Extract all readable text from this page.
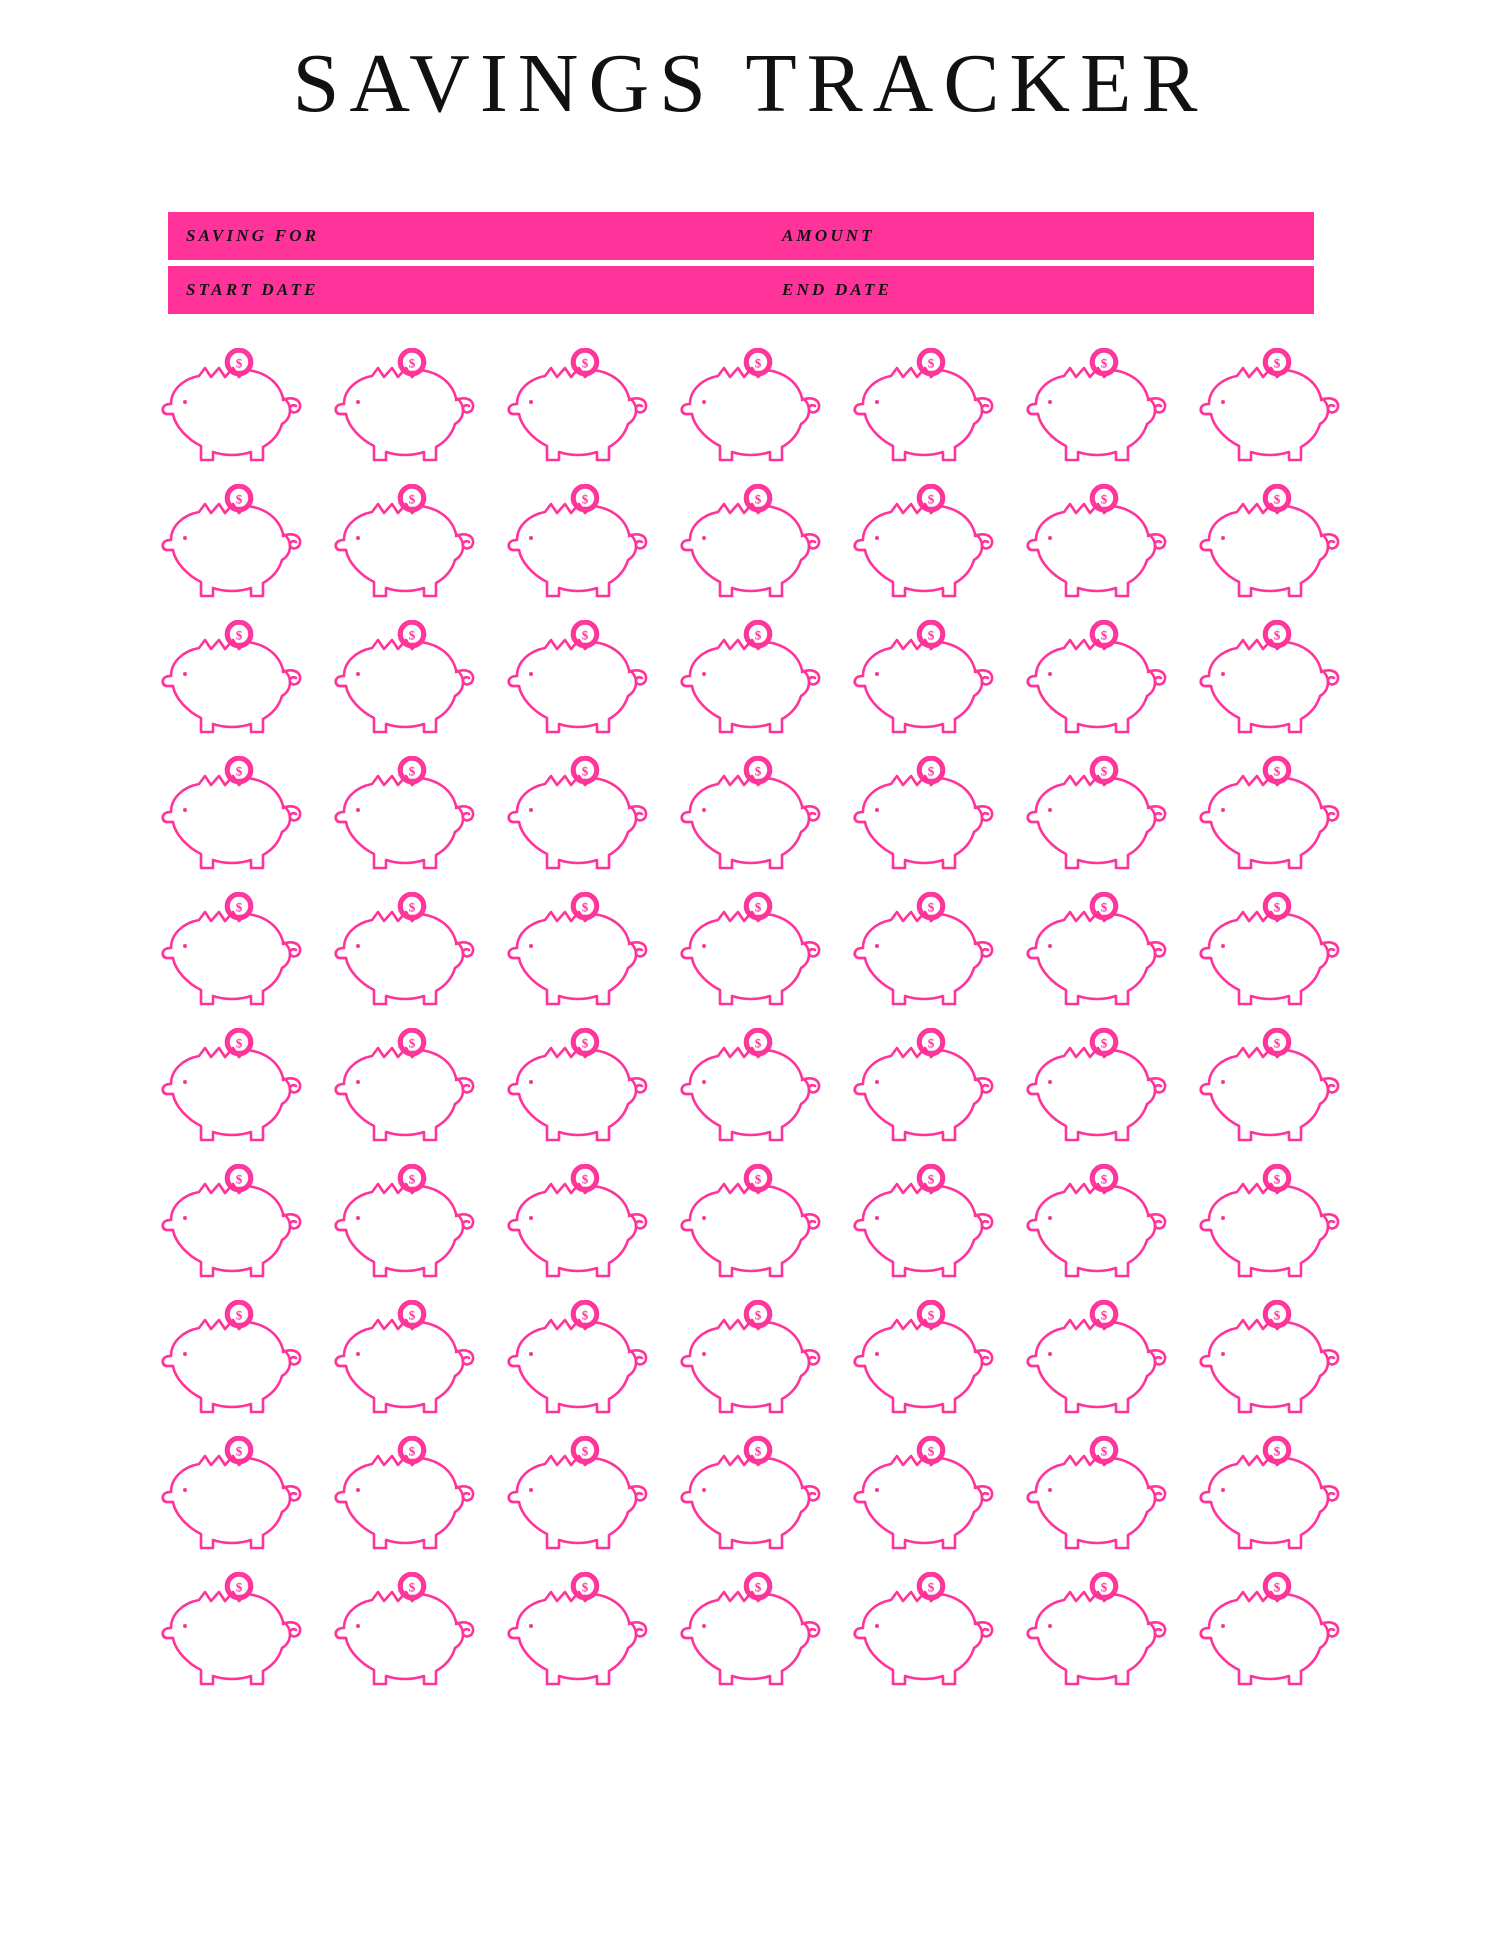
SAVINGS TRACKER
SAVING FOR	AMOUNT
START DATE	END DATE
$	$	$	$	$	$	$
$	$	$	$	$	$	$
$	$	$	$	$	$	$
$	$	$	$	$	$	$
$	$	$	$	$	$	$
$	$	$	$	$	$	$
$	$	$	$	$	$	$
$	$	$	$	$	$	$
$	$	$	$	$	$	$
$	$	$	$	$	$	$
